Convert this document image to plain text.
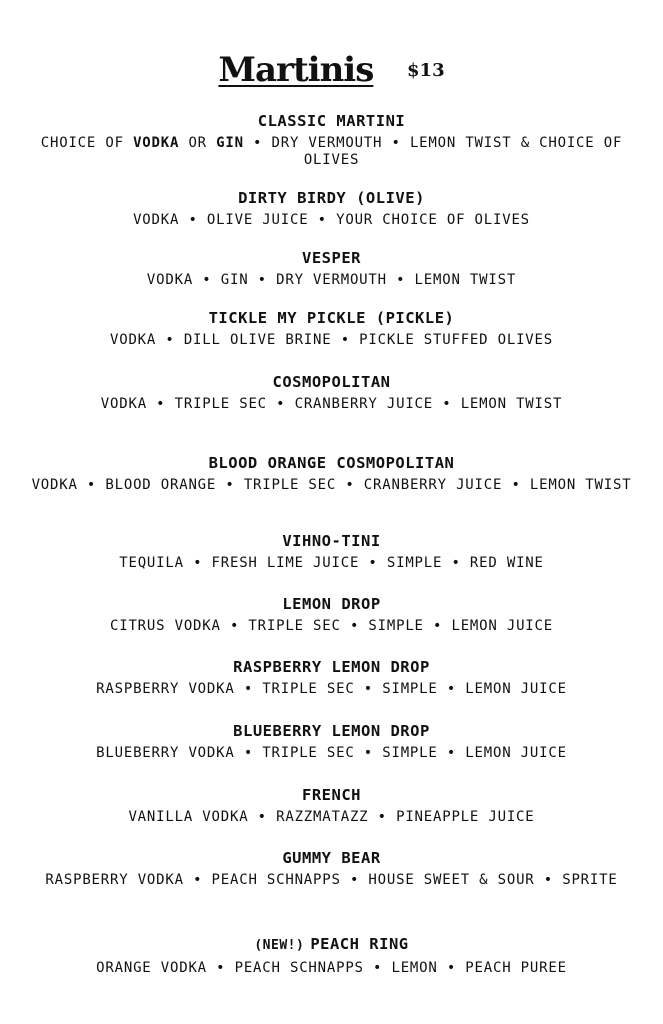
Martinis $13
CLASSIC MARTINI
CHOICE OF VODKA OR GIN • DRY VERMOUTH • LEMON TWIST & CHOICE OF OLIVES
DIRTY BIRDY (OLIVE)
VODKA • OLIVE JUICE • YOUR CHOICE OF OLIVES
VESPER
VODKA • GIN • DRY VERMOUTH • LEMON TWIST
TICKLE MY PICKLE (PICKLE)
VODKA • DILL OLIVE BRINE • PICKLE STUFFED OLIVES
COSMOPOLITAN
VODKA • TRIPLE SEC • CRANBERRY JUICE • LEMON TWIST
BLOOD ORANGE COSMOPOLITAN
VODKA • BLOOD ORANGE • TRIPLE SEC • CRANBERRY JUICE • LEMON TWIST
VIHNO-TINI
TEQUILA • FRESH LIME JUICE • SIMPLE • RED WINE
LEMON DROP
CITRUS VODKA • TRIPLE SEC • SIMPLE • LEMON JUICE
RASPBERRY LEMON DROP
RASPBERRY VODKA • TRIPLE SEC • SIMPLE • LEMON JUICE
BLUEBERRY LEMON DROP
BLUEBERRY VODKA • TRIPLE SEC • SIMPLE • LEMON JUICE
FRENCH
VANILLA VODKA • RAZZMATAZZ • PINEAPPLE JUICE
GUMMY BEAR
RASPBERRY VODKA • PEACH SCHNAPPS • HOUSE SWEET & SOUR • SPRITE
(NEW!) PEACH RING
ORANGE VODKA • PEACH SCHNAPPS • LEMON • PEACH PUREE
